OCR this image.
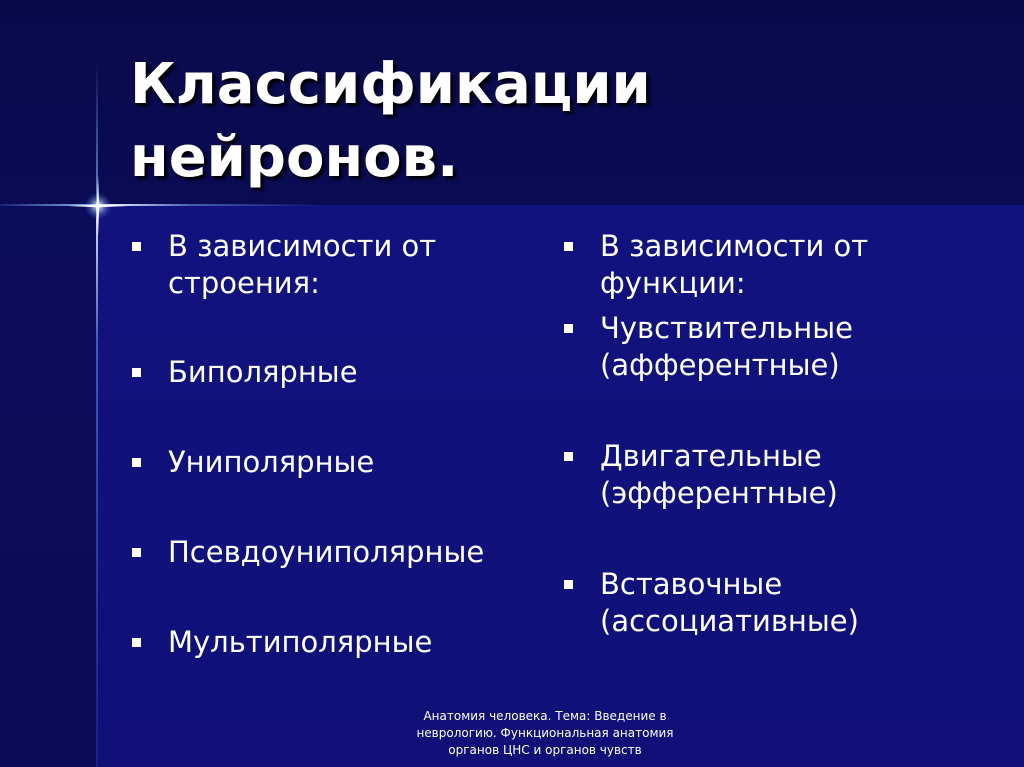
Классификации нейронов.
В зависимости от
строения:
Биполярные
Униполярные
Псевдоуниполярные
Мультиполярные
В зависимости от
функции:
Чувствительные
(афферентные)
Двигательные
(эфферентные)
Вставочные
(ассоциативные)
Анатомия человека. Тема: Введение в неврологию. Функциональная анатомия органов ЦНС и органов чувств
